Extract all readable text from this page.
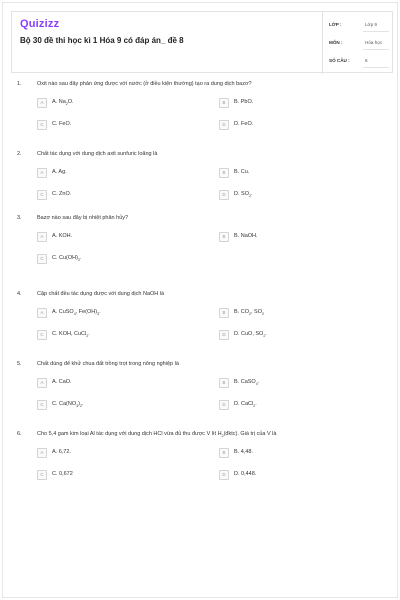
Quizizz
Bộ 30 đề thi học kì 1 Hóa 9 có đáp án_ đề 8
LỚP :	Lớp 9
MÔN :	Hóa học
SỐ CÂU :	6
1.	Oxit nào sau đây phản ứng được với nước (ở điều kiện thường) tạo ra dung dịch bazơ?
A	A. $Na_2O$.	B	B. PbO.
C	C. FeO.	D	D. FeO.
2.	Chất tác dụng với dung dịch axit sunfuric loãng là
A	A. Ag.	B	B. Cu.
C	C. ZnO.	D	D. $SO_2$.
3.	Bazơ nào sau đây bị nhiệt phân hủy?
A	A. KOH.	B	B. NaOH.
C	C. $Cu(OH)_2$.
4.	Cặp chất đều tác dụng được với dung dịch NaOH là
A	A. CuSO$_4$, $Fe(OH)_3$.	B	B. $CO_2$, $SO_2$
C	C. KOH, CuCl$_2$.	D	D. CuO, $SO_2$.
5.	Chất dùng để khử chua đất trồng trọt trong nông nghiệp là
A	A. CaO.	B	B. CaSO$_4$.
C	C. $Ca(NO_3)_2$.	D	D. CaCl$_2$.
6.	Cho 5,4 gam kim loại Al tác dụng với dung dịch HCl vừa đủ thu được V lít $H_2(đktc)$. Giá trị của V là
A	A. 6,72.	B	B. 4,48.
C	C. 0,672	D	D. 0,448.
